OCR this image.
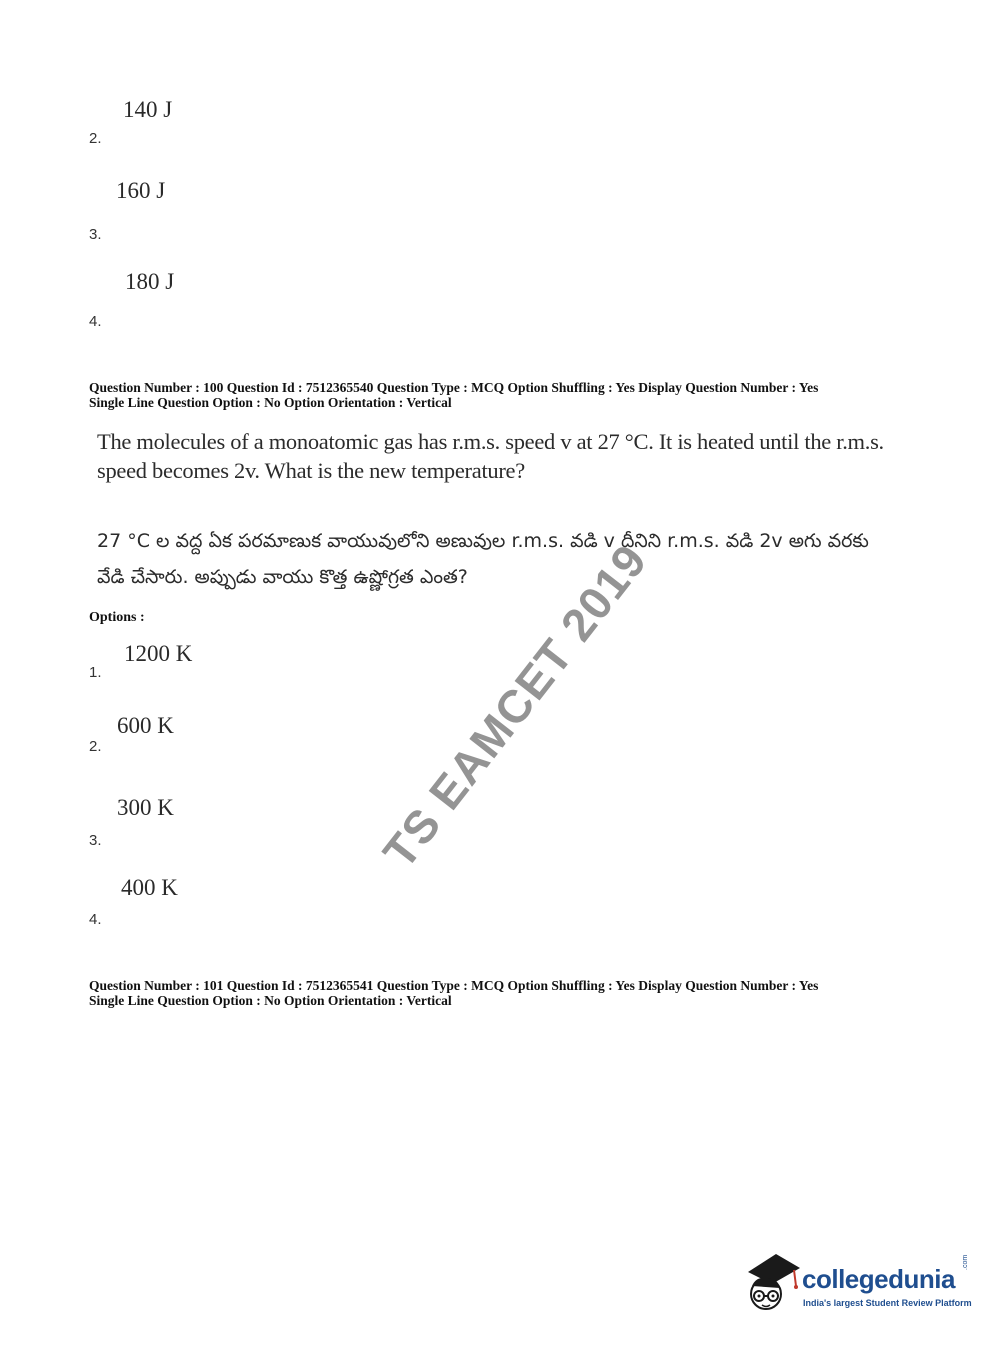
140 J
2.
160 J
3.
180 J
4.
Question Number : 100 Question Id : 7512365540 Question Type : MCQ Option Shuffling : Yes Display Question Number : Yes
Single Line Question Option : No Option Orientation : Vertical
The molecules of a monoatomic gas has r.m.s. speed v at 27 °C. It is heated until the r.m.s.
speed becomes 2v. What is the new temperature?
27 °C ల వద్ద ఏక పరమాణుక వాయువులోని అణువుల r.m.s. వడి v దీనిని r.m.s. వడి 2v అగు వరకు
వేడి చేసారు. అప్పుడు వాయు కొత్త ఉష్ణోగ్రత ఎంత?
Options :
1200 K
1.
600 K
2.
300 K
3.
400 K
4.
Question Number : 101 Question Id : 7512365541 Question Type : MCQ Option Shuffling : Yes Display Question Number : Yes
Single Line Question Option : No Option Orientation : Vertical
TS EAMCET 2019
collegedunia
.com
India's largest Student Review Platform
